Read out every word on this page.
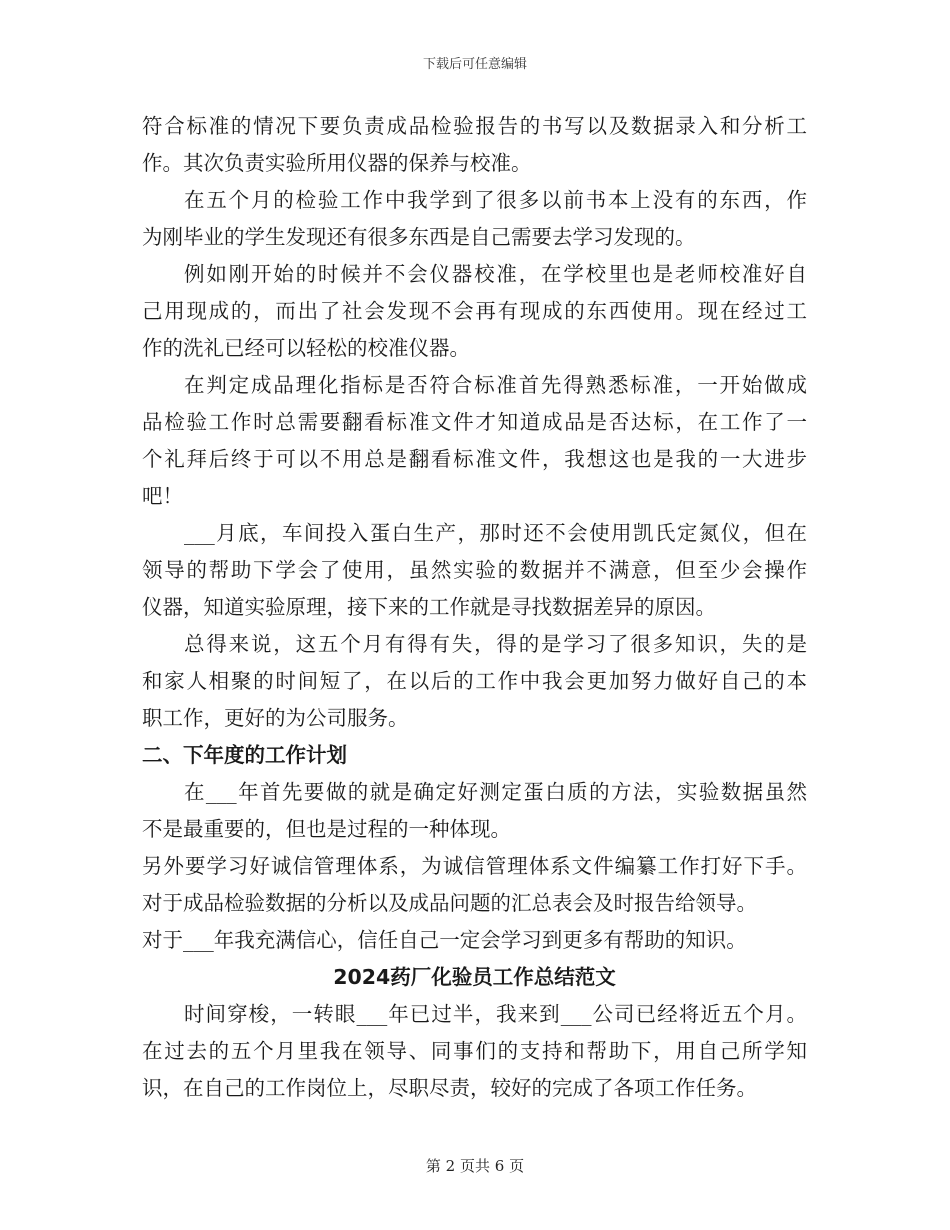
下载后可任意编辑
符合标准的情况下要负责成品检验报告的书写以及数据录入和分析工
作。其次负责实验所用仪器的保养与校准。
在五个月的检验工作中我学到了很多以前书本上没有的东西，作
为刚毕业的学生发现还有很多东西是自己需要去学习发现的。
例如刚开始的时候并不会仪器校准，在学校里也是老师校准好自
己用现成的，而出了社会发现不会再有现成的东西使用。现在经过工
作的洗礼已经可以轻松的校准仪器。
在判定成品理化指标是否符合标准首先得熟悉标准，一开始做成
品检验工作时总需要翻看标准文件才知道成品是否达标，在工作了一
个礼拜后终于可以不用总是翻看标准文件，我想这也是我的一大进步
吧！
___月底，车间投入蛋白生产，那时还不会使用凯氏定氮仪，但在
领导的帮助下学会了使用，虽然实验的数据并不满意，但至少会操作
仪器，知道实验原理，接下来的工作就是寻找数据差异的原因。
总得来说，这五个月有得有失，得的是学习了很多知识，失的是
和家人相聚的时间短了，在以后的工作中我会更加努力做好自己的本
职工作，更好的为公司服务。
二、下年度的工作计划
在___年首先要做的就是确定好测定蛋白质的方法，实验数据虽然
不是最重要的，但也是过程的一种体现。
另外要学习好诚信管理体系，为诚信管理体系文件编纂工作打好下手。
对于成品检验数据的分析以及成品问题的汇总表会及时报告给领导。
对于___年我充满信心，信任自己一定会学习到更多有帮助的知识。
2024药厂化验员工作总结范文
时间穿梭，一转眼___年已过半，我来到___公司已经将近五个月。
在过去的五个月里我在领导、同事们的支持和帮助下，用自己所学知
识，在自己的工作岗位上，尽职尽责，较好的完成了各项工作任务。
第 2 页共 6 页
